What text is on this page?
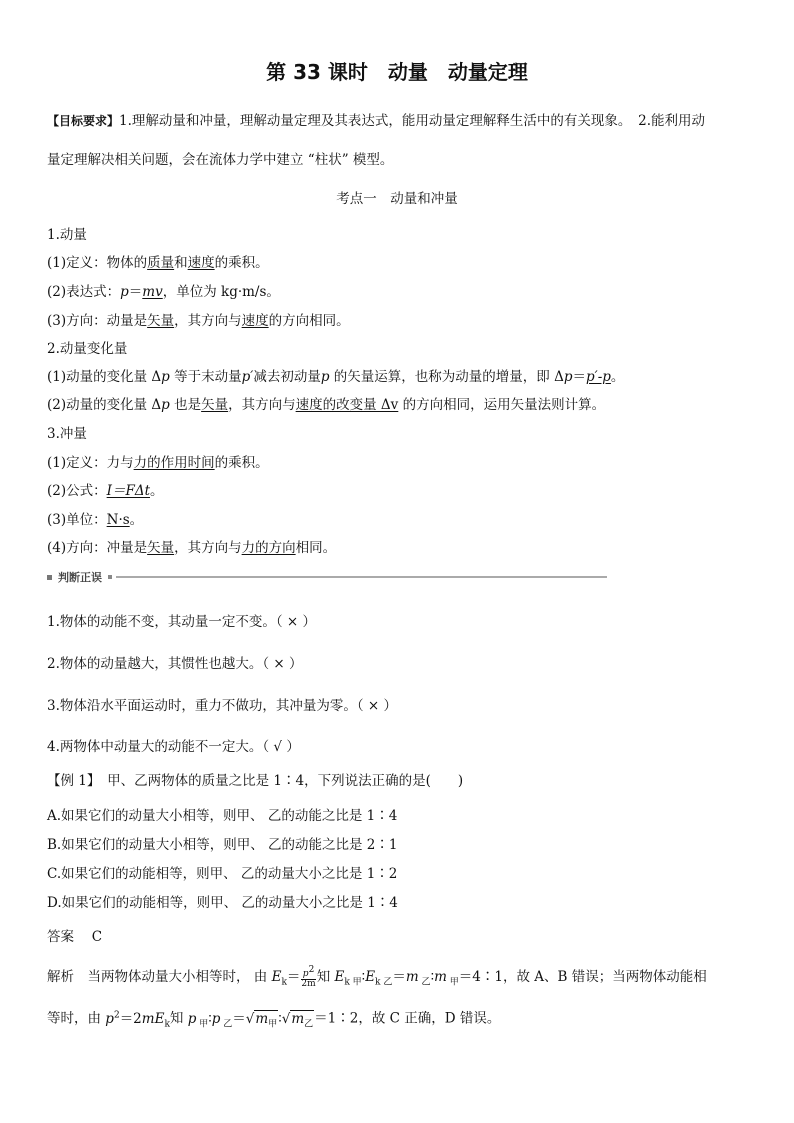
第 33 课时　动量　动量定理
【目标要求】1.理解动量和冲量，理解动量定理及其表达式，能用动量定理解释生活中的有关现象。　2.能利用动
量定理解决相关问题，会在流体力学中建立 “柱状” 模型。
考点一　动量和冲量
1.动量
(1)定义：物体的质量和速度的乘积。
(2)表达式：p＝mv，单位为 kg·m/s。
(3)方向：动量是矢量，其方向与速度的方向相同。
2.动量变化量
(1)动量的变化量 Δp 等于末动量p′减去初动量p 的矢量运算，也称为动量的增量，即 Δp＝p′-p。
(2)动量的变化量 Δp 也是矢量，其方向与速度的改变量 Δv 的方向相同，运用矢量法则计算。
3.冲量
(1)定义：力与力的作用时间的乘积。
(2)公式：I＝FΔt。
(3)单位：N·s。
(4)方向：冲量是矢量，其方向与力的方向相同。
判断正误
1.物体的动能不变，其动量一定不变。（ × ）
2.物体的动量越大，其惯性也越大。（ × ）
3.物体沿水平面运动时，重力不做功，其冲量为零。（ × ）
4.两物体中动量大的动能不一定大。（ √ ）
【例 1】　甲、乙两物体的质量之比是 1∶4，下列说法正确的是(　　)
A.如果它们的动量大小相等，则甲、 乙的动能之比是 1∶4
B.如果它们的动量大小相等，则甲、 乙的动能之比是 2∶1
C.如果它们的动能相等，则甲、 乙的动量大小之比是 1∶2
D.如果它们的动能相等，则甲、 乙的动量大小之比是 1∶4
答案　 C
解析　当两物体动量大小相等时， 由 $E_k= \frac{p^2}{2m}$ 知 $E_{k 甲}∶E_{k 乙}=m$ $_乙$∶m $_甲$＝4∶1，故 A、B 错误；当两物体动能相
等时，由 $p^2=2mE_k$知 p $_甲$∶p $_乙=√m_甲∶√m_乙=1∶2$，故 C 正确，D 错误。
